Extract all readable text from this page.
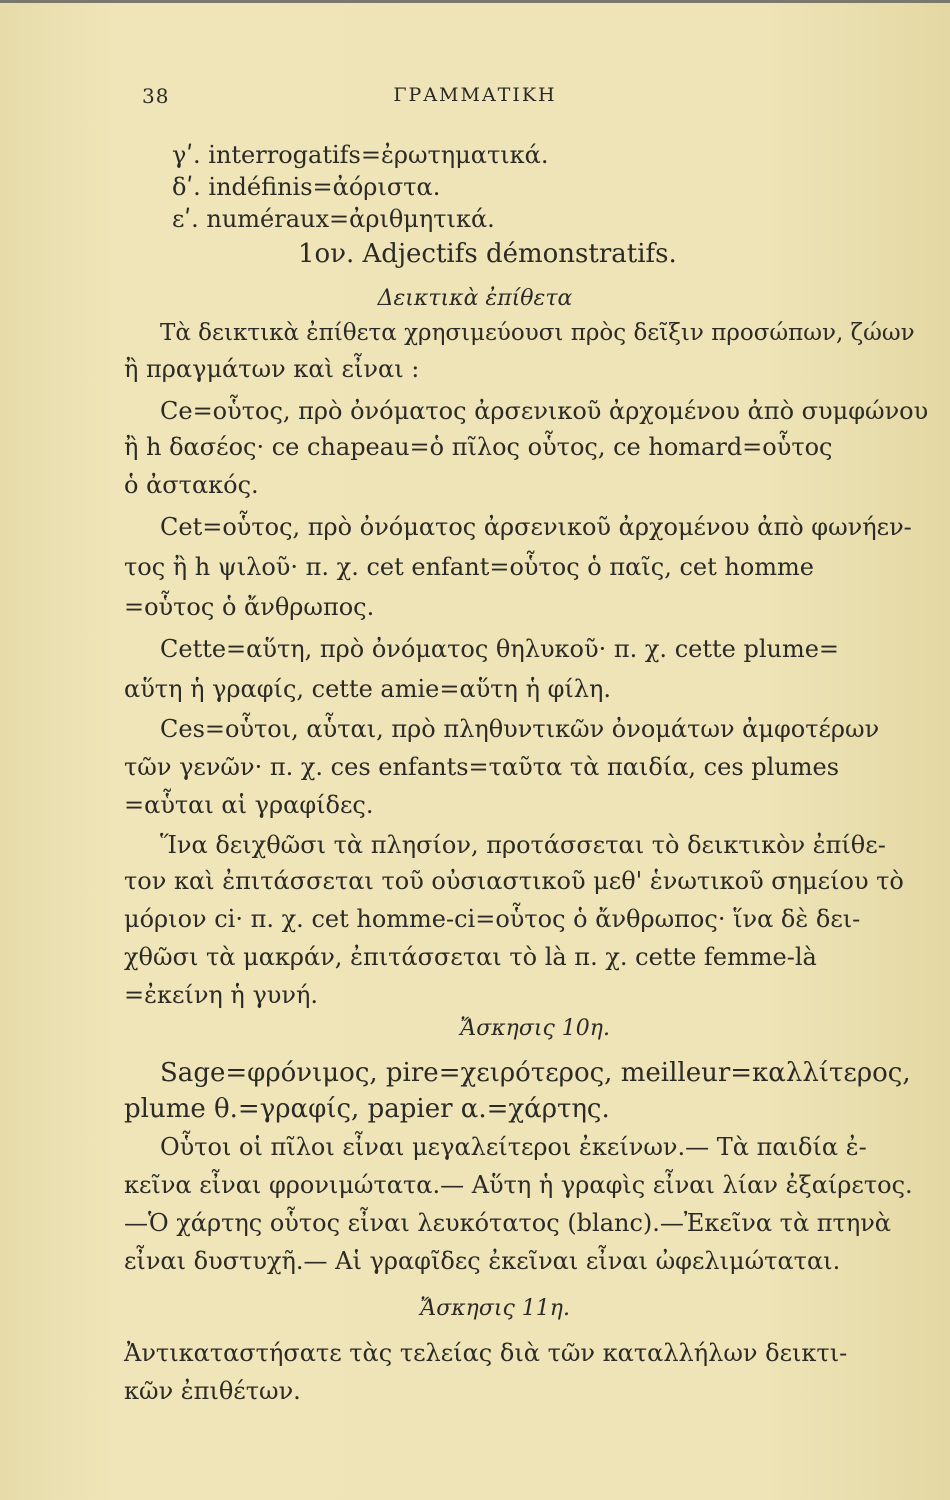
38	ΓΡΑΜΜΑΤΙΚΗ
γʹ. interrogatifs=ἐρωτηματικά.
δʹ. indéfinis=ἀόριστα.
εʹ. numéraux=ἀριθμητικά.
1ον. Adjectifs démonstratifs.
Δεικτικὰ ἐπίθετα
Τὰ δεικτικὰ ἐπίθετα χρησιμεύουσι πρὸς δεῖξιν προσώπων, ζώων
ἢ πραγμάτων καὶ εἶναι :
Ce=οὗτος, πρὸ ὀνόματος ἀρσενικοῦ ἀρχομένου ἀπὸ συμφώνου
ἢ h δασέος· ce chapeau=ὁ πῖλος οὗτος, ce homard=οὗτος
ὁ ἀστακός.
Cet=οὗτος, πρὸ ὀνόματος ἀρσενικοῦ ἀρχομένου ἀπὸ φωνήεν-
τος ἢ h ψιλοῦ· π. χ. cet enfant=οὗτος ὁ παῖς, cet homme
=οὗτος ὁ ἄνθρωπος.
Cette=αὕτη, πρὸ ὀνόματος θηλυκοῦ· π. χ. cette plume=
αὕτη ἡ γραφίς, cette amie=αὕτη ἡ φίλη.
Ces=οὗτοι, αὗται, πρὸ πληθυντικῶν ὀνομάτων ἀμφοτέρων
τῶν γενῶν· π. χ. ces enfants=ταῦτα τὰ παιδία, ces plumes
=αὗται αἱ γραφίδες.
Ἵνα δειχθῶσι τὰ πλησίον, προτάσσεται τὸ δεικτικὸν ἐπίθε-
τον καὶ ἐπιτάσσεται τοῦ οὐσιαστικοῦ μεθ' ἑνωτικοῦ σημείου τὸ
μόριον ci· π. χ. cet homme-ci=οὗτος ὁ ἄνθρωπος· ἵνα δὲ δει-
χθῶσι τὰ μακράν, ἐπιτάσσεται τὸ là π. χ. cette femme-là
=ἐκείνη ἡ γυνή.
Ἄσκησις 10η.
Sage=φρόνιμος, pire=χειρότερος, meilleur=καλλίτερος,
plume θ.=γραφίς, papier α.=χάρτης.
Οὗτοι οἱ πῖλοι εἶναι μεγαλείτεροι ἐκείνων.— Τὰ παιδία ἐ-
κεῖνα εἶναι φρονιμώτατα.— Αὕτη ἡ γραφὶς εἶναι λίαν ἐξαίρετος.
—Ὁ χάρτης οὗτος εἶναι λευκότατος (blanc).—Ἐκεῖνα τὰ πτηνὰ
εἶναι δυστυχῆ.— Αἱ γραφῖδες ἐκεῖναι εἶναι ὠφελιμώταται.
Ἄσκησις 11η.
Ἀντικαταστήσατε τὰς τελείας διὰ τῶν καταλλήλων δεικτι-
κῶν ἐπιθέτων.
